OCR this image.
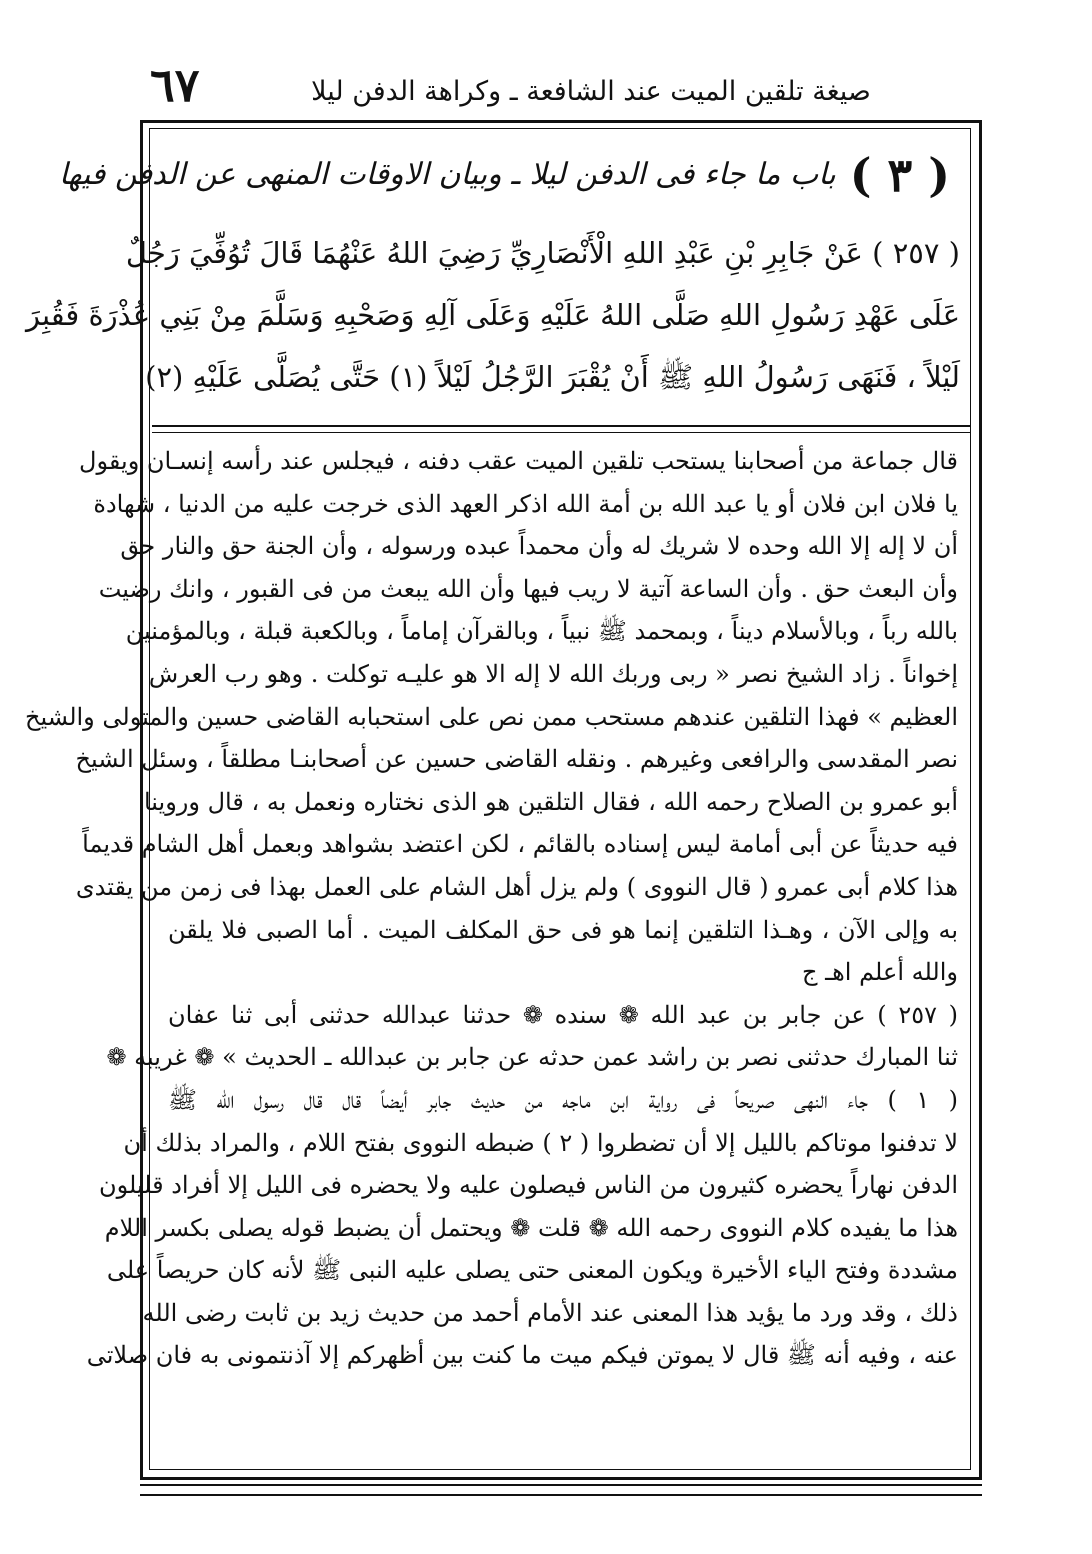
٦٧	صيغة تلقين الميت عند الشافعة ـ وكراهة الدفن ليلا
( ٣ )
باب ما جاء فى الدفن ليلا ـ وبيان الاوقات المنهى عن الدفن فيها
( ٢٥٧ ) عَنْ جَابِرِ بْنِ عَبْدِ اللهِ الْأَنْصَارِيِّ رَضِيَ اللهُ عَنْهُمَا قَالَ تُوُفِّيَ رَجُلٌ
عَلَى عَهْدِ رَسُولِ اللهِ صَلَّى اللهُ عَلَيْهِ وَعَلَى آلِهِ وَصَحْبِهِ وَسَلَّمَ مِنْ بَنِي عُذْرَةَ فَقُبِرَ
لَيْلاً ، فَنَهَى رَسُولُ اللهِ ﷺ أَنْ يُقْبَرَ الرَّجُلُ لَيْلاً (١) حَتَّى يُصَلَّى عَلَيْهِ (٢)
قال جماعة من أصحابنا يستحب تلقين الميت عقب دفنه ، فيجلس عند رأسه إنسـان ويقول
يا فلان ابن فلان أو يا عبد الله بن أمة الله اذكر العهد الذى خرجت عليه من الدنيا ، شهادة
أن لا إله إلا الله وحده لا شريك له وأن محمداً عبده ورسوله ، وأن الجنة حق والنار حق
وأن البعث حق . وأن الساعة آتية لا ريب فيها وأن الله يبعث من فى القبور ، وانك رضيت
بالله رباً ، وبالأسلام ديناً ، وبمحمد ﷺ نبياً ، وبالقرآن إماماً ، وبالكعبة قبلة ، وبالمؤمنين
إخواناً . زاد الشيخ نصر « ربى وربك الله لا إله الا هو عليـه توكلت . وهو رب العرش
العظيم » فهذا التلقين عندهم مستحب ممن نص على استحبابه القاضى حسين والمتولى والشيخ
نصر المقدسى والرافعى وغيرهم . ونقله القاضى حسين عن أصحابنـا مطلقاً ، وسئل الشيخ
أبو عمرو بن الصلاح رحمه الله ، فقال التلقين هو الذى نختاره ونعمل به ، قال وروينا
فيه حديثاً عن أبى أمامة ليس إسناده بالقائم ، لكن اعتضد بشواهد وبعمل أهل الشام قديماً
هذا كلام أبى عمرو ( قال النووى ) ولم يزل أهل الشام على العمل بهذا فى زمن من يقتدى
به وإلى الآن ، وهـذا التلقين إنما هو فى حق المكلف الميت . أما الصبى فلا يلقن
والله أعلم اهـ ج
( ٢٥٧ ) عن جابر بن عبد الله ❁ سنده ❁ حدثنا عبدالله حدثنى أبى ثنا عفان
ثنا المبارك حدثنى نصر بن راشد عمن حدثه عن جابر بن عبدالله ـ الحديث » ❁ غريبه ❁
( ١ ) جاء النهى صريحاً فى رواية ابن ماجه من حديث جابر أيضاً قال قال رسول الله ﷺ
لا تدفنوا موتاكم بالليل إلا أن تضطروا ( ٢ ) ضبطه النووى بفتح اللام ، والمراد بذلك أن
الدفن نهاراً يحضره كثيرون من الناس فيصلون عليه ولا يحضره فى الليل إلا أفراد قليلون
هذا ما يفيده كلام النووى رحمه الله ❁ قلت ❁ ويحتمل أن يضبط قوله يصلى بكسر اللام
مشددة وفتح الياء الأخيرة ويكون المعنى حتى يصلى عليه النبى ﷺ لأنه كان حريصاً على
ذلك ، وقد ورد ما يؤيد هذا المعنى عند الأمام أحمد من حديث زيد بن ثابت رضى الله
عنه ، وفيه أنه ﷺ قال لا يموتن فيكم ميت ما كنت بين أظهركم إلا آذنتمونى به فان صلاتى
